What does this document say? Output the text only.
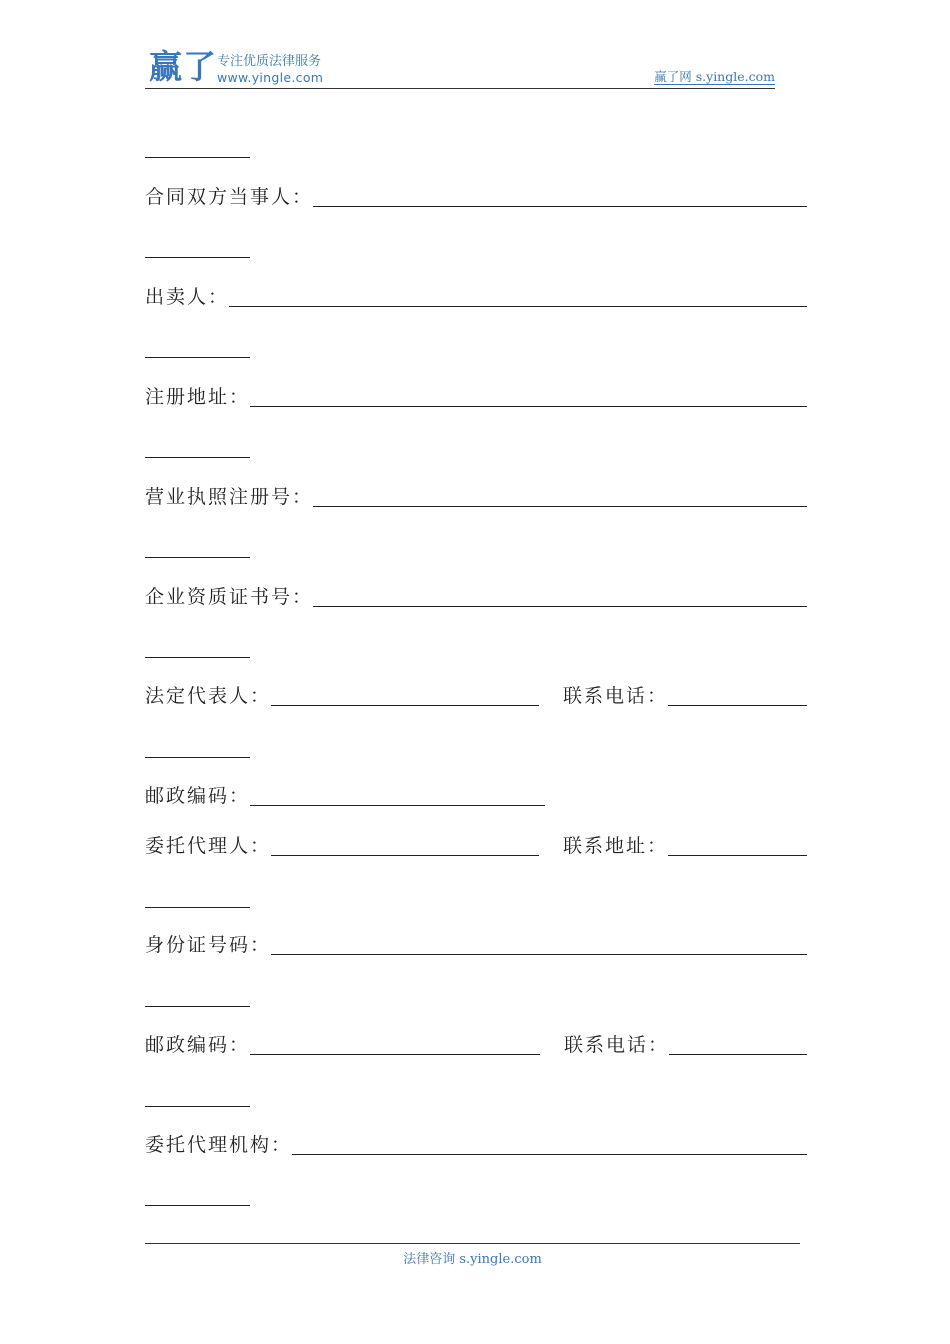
赢了 专注优质法律服务
www.yingle.com	赢了网 s.yingle.com
合同双方当事人：
出卖人：
注册地址：
营业执照注册号：
企业资质证书号：
法定代表人：	联系电话：
邮政编码：
委托代理人：	联系地址：
身份证号码：
邮政编码：	联系电话：
委托代理机构：
法律咨询 s.yingle.com
